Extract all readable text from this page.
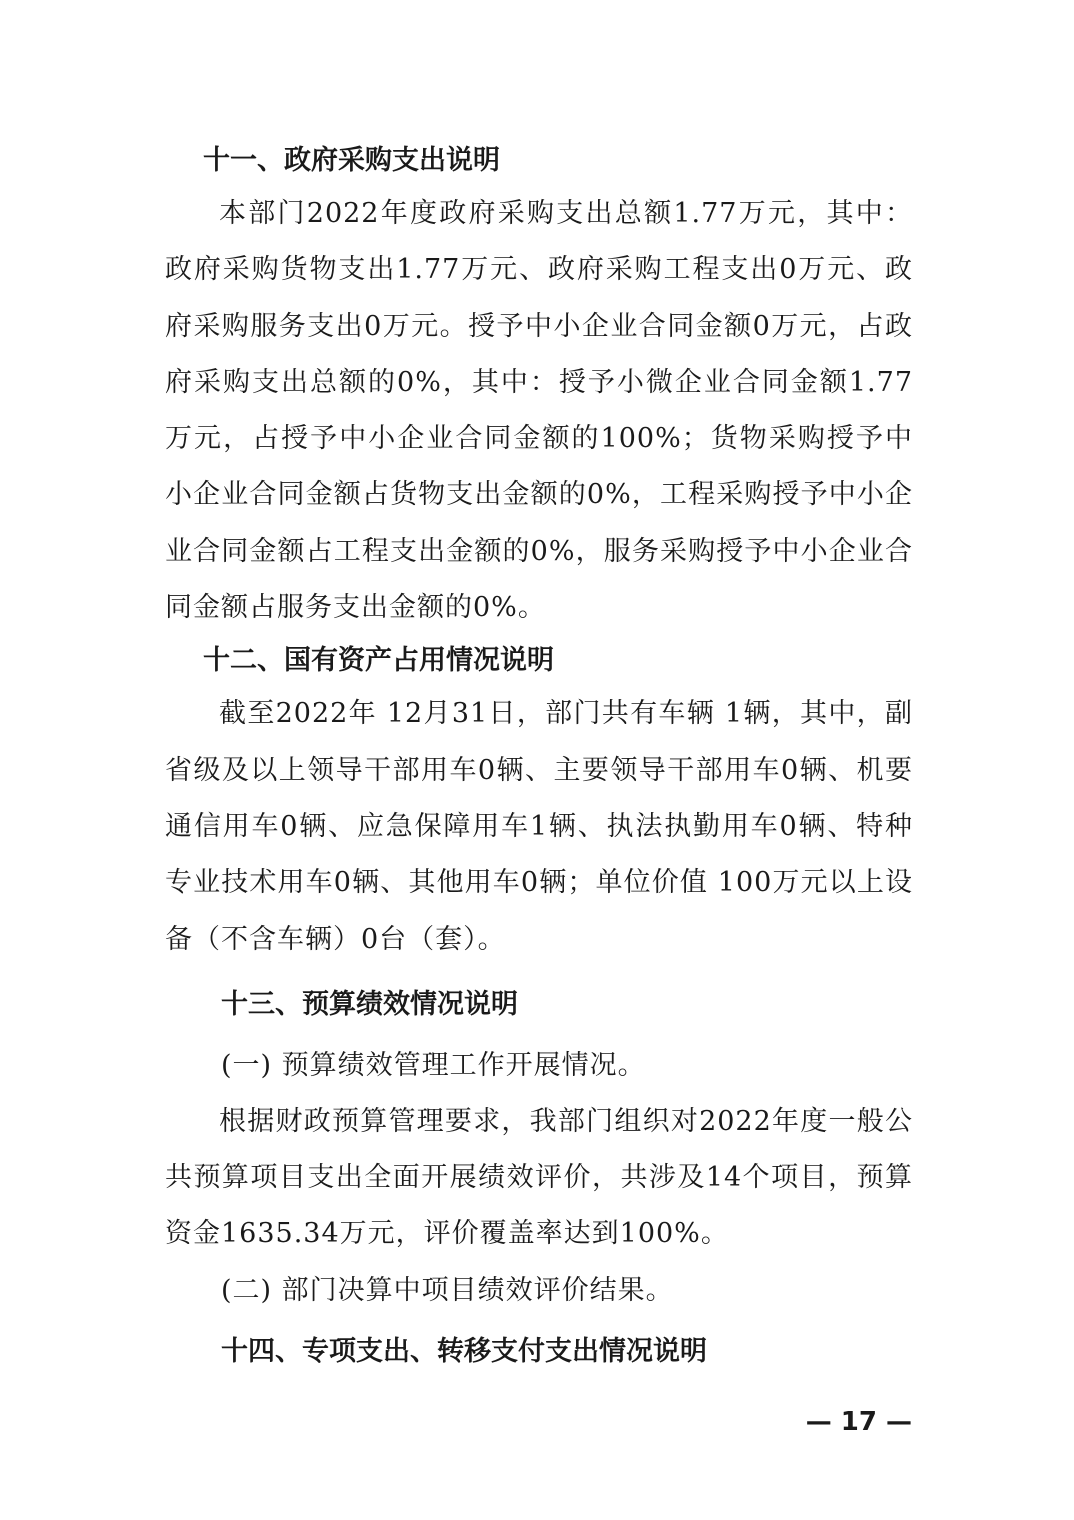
十一、政府采购支出说明

本部门2022年度政府采购支出总额1.77万元，其中：政府采购货物支出1.77万元、政府采购工程支出0万元、政府采购服务支出0万元。授予中小企业合同金额0万元，占政府采购支出总额的0%，其中：授予小微企业合同金额1.77万元，占授予中小企业合同金额的100%；货物采购授予中小企业合同金额占货物支出金额的0%，工程采购授予中小企业合同金额占工程支出金额的0%，服务采购授予中小企业合同金额占服务支出金额的0%。

十二、国有资产占用情况说明

截至2022年 12月31日，部门共有车辆 1辆，其中，副省级及以上领导干部用车0辆、主要领导干部用车0辆、机要通信用车0辆、应急保障用车1辆、执法执勤用车0辆、特种专业技术用车0辆、其他用车0辆；单位价值 100万元以上设备（不含车辆）0台（套）。

十三、预算绩效情况说明

(一) 预算绩效管理工作开展情况。

根据财政预算管理要求，我部门组织对2022年度一般公共预算项目支出全面开展绩效评价，共涉及14个项目，预算资金1635.34万元，评价覆盖率达到100%。

(二) 部门决算中项目绩效评价结果。

十四、专项支出、转移支付支出情况说明
— 17 —
